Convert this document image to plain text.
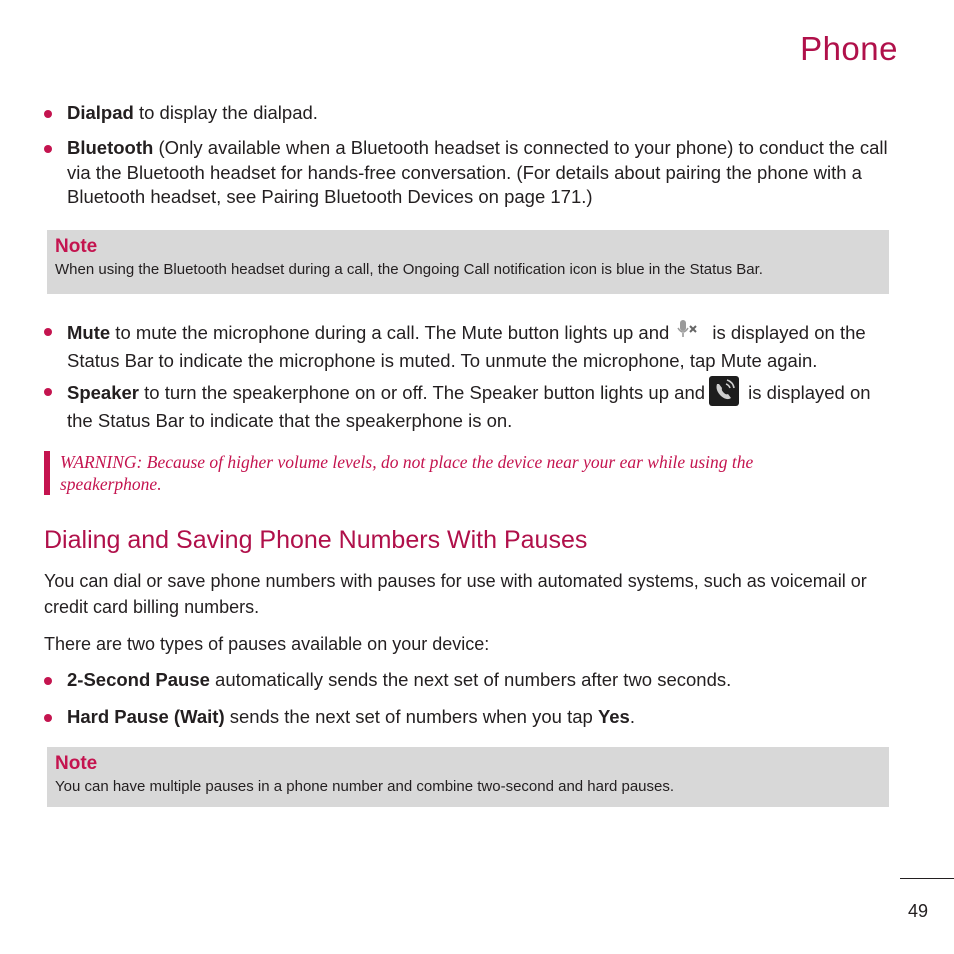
Phone
Dialpad to display the dialpad.
Bluetooth (Only available when a Bluetooth headset is connected to your phone) to conduct the call via the Bluetooth headset for hands-free conversation. (For details about pairing the phone with a Bluetooth headset, see Pairing Bluetooth Devices on page 171.)
Note
When using the Bluetooth headset during a call, the Ongoing Call notification icon is blue in the Status Bar.
Mute to mute the microphone during a call. The Mute button lights up and is displayed on the Status Bar to indicate the microphone is muted. To unmute the microphone, tap Mute again.
Speaker to turn the speakerphone on or off. The Speaker button lights up and is displayed on the Status Bar to indicate that the speakerphone is on.
WARNING: Because of higher volume levels, do not place the device near your ear while using the speakerphone.
Dialing and Saving Phone Numbers With Pauses
You can dial or save phone numbers with pauses for use with automated systems, such as voicemail or credit card billing numbers.
There are two types of pauses available on your device:
2-Second Pause automatically sends the next set of numbers after two seconds.
Hard Pause (Wait) sends the next set of numbers when you tap Yes.
Note
You can have multiple pauses in a phone number and combine two-second and hard pauses.
49
